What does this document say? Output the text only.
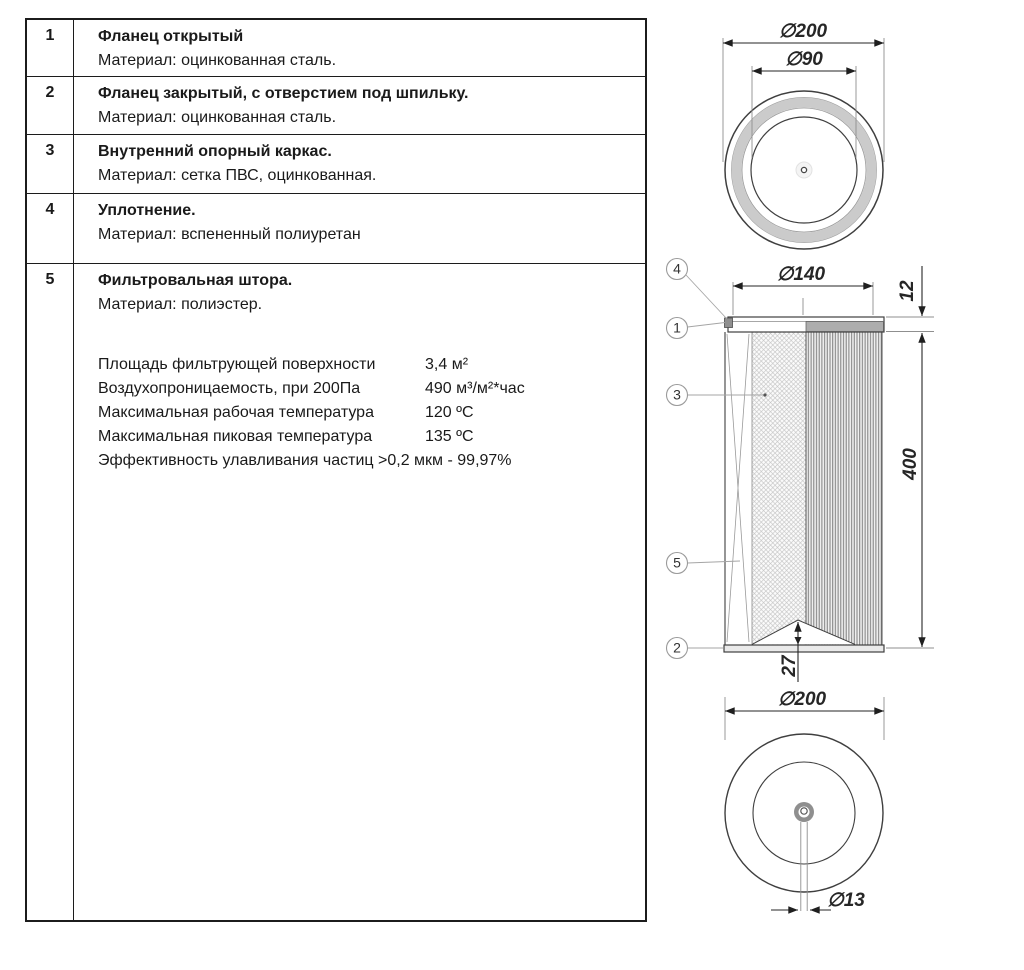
1	Фланец открытый
Материал: оцинкованная сталь.
2	Фланец закрытый, с отверстием под шпильку.
Материал: оцинкованная сталь.
3	Внутренний опорный каркас.
Материал: сетка ПВС, оцинкованная.
4	Уплотнение.
Материал: вспененный полиуретан
5	Фильтровальная штора.
Материал: полиэстер.
Площадь фильтрующей поверхности	3,4 м²
Воздухопроницаемость, при 200Па	490 м³/м²*час
Максимальная рабочая температура	120 ºС
Максимальная пиковая температура	135 ºС
Эффективность улавливания частиц >0,2 мкм - 99,97%
∅200
∅90
∅140
12
400
27
4
1
3
5
2
∅200
∅13
